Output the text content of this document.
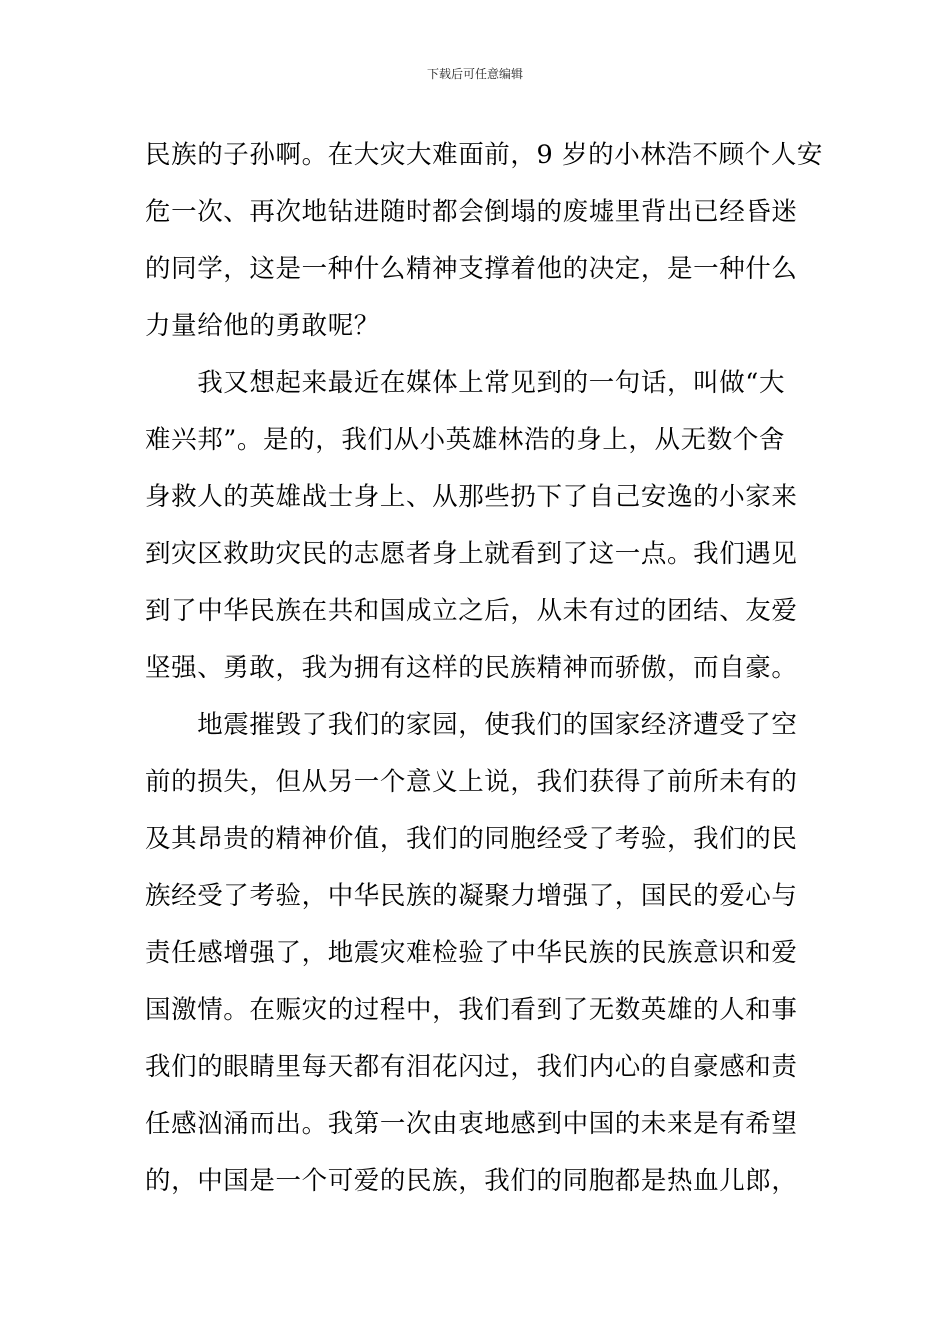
下载后可任意编辑
民族的子孙啊。在大灾大难面前，9 岁的小林浩不顾个人安
危一次、再次地钻进随时都会倒塌的废墟里背出已经昏迷
的同学，这是一种什么精神支撑着他的决定，是一种什么
力量给他的勇敢呢？
　　我又想起来最近在媒体上常见到的一句话，叫做“大
难兴邦”。是的，我们从小英雄林浩的身上，从无数个舍
身救人的英雄战士身上、从那些扔下了自己安逸的小家来
到灾区救助灾民的志愿者身上就看到了这一点。我们遇见
到了中华民族在共和国成立之后，从未有过的团结、友爱
坚强、勇敢，我为拥有这样的民族精神而骄傲，而自豪。
　　地震摧毁了我们的家园，使我们的国家经济遭受了空
前的损失，但从另一个意义上说，我们获得了前所未有的
及其昂贵的精神价值，我们的同胞经受了考验，我们的民
族经受了考验，中华民族的凝聚力增强了，国民的爱心与
责任感增强了，地震灾难检验了中华民族的民族意识和爱
国激情。在赈灾的过程中，我们看到了无数英雄的人和事
我们的眼睛里每天都有泪花闪过，我们内心的自豪感和责
任感汹涌而出。我第一次由衷地感到中国的未来是有希望
的，中国是一个可爱的民族，我们的同胞都是热血儿郎，
